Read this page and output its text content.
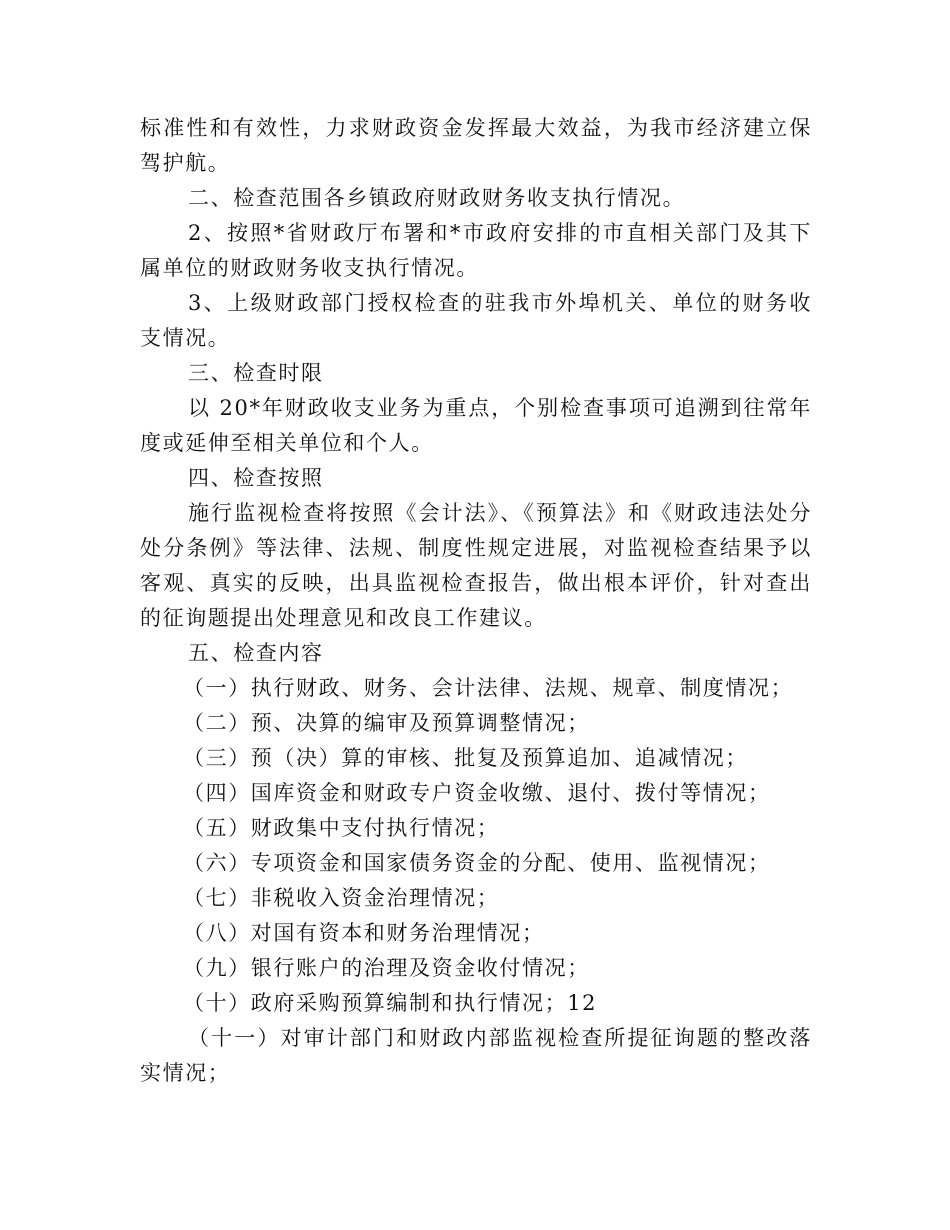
标准性和有效性，力求财政资金发挥最大效益，为我市经济建立保驾护航。

二、检查范围各乡镇政府财政财务收支执行情况。

2、按照*省财政厅布署和*市政府安排的市直相关部门及其下属单位的财政财务收支执行情况。

3、上级财政部门授权检查的驻我市外埠机关、单位的财务收支情况。

三、检查时限

以 20*年财政收支业务为重点，个别检查事项可追溯到往常年度或延伸至相关单位和个人。

四、检查按照

施行监视检查将按照《会计法》、《预算法》和《财政违法处分处分条例》等法律、法规、制度性规定进展，对监视检查结果予以客观、真实的反映，出具监视检查报告，做出根本评价，针对查出的征询题提出处理意见和改良工作建议。

五、检查内容

（一）执行财政、财务、会计法律、法规、规章、制度情况；

（二）预、决算的编审及预算调整情况；

（三）预（决）算的审核、批复及预算追加、追减情况；

（四）国库资金和财政专户资金收缴、退付、拨付等情况；

（五）财政集中支付执行情况；

（六）专项资金和国家债务资金的分配、使用、监视情况；

（七）非税收入资金治理情况；

（八）对国有资本和财务治理情况；

（九）银行账户的治理及资金收付情况；

（十）政府采购预算编制和执行情况；12

（十一）对审计部门和财政内部监视检查所提征询题的整改落实情况；
